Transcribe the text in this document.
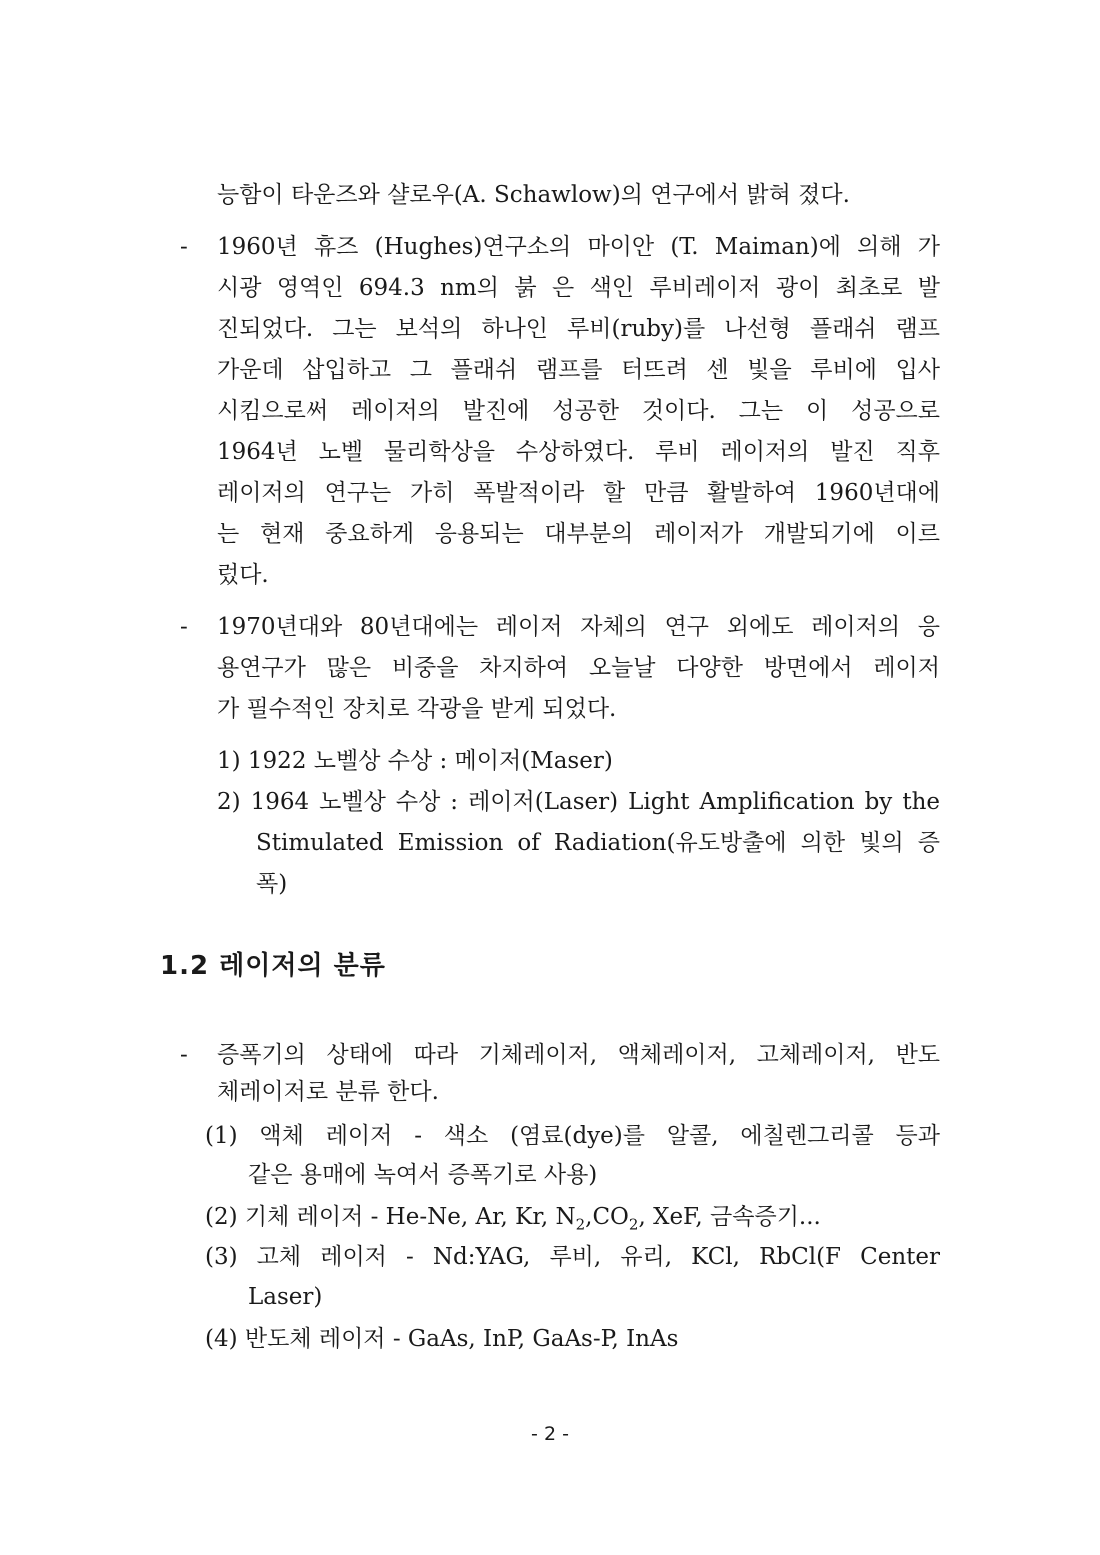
능함이 타운즈와 샬로우(A. Schawlow)의 연구에서 밝혀 졌다.
- 1960년 휴즈 (Hughes)연구소의 마이안 (T. Maiman)에 의해 가
시광 영역인 694.3 nm의 붉 은 색인 루비레이저 광이 최초로 발
진되었다. 그는 보석의 하나인 루비(ruby)를 나선형 플래쉬 램프
가운데 삽입하고 그 플래쉬 램프를 터뜨려 센 빛을 루비에 입사
시킴으로써 레이저의 발진에 성공한 것이다. 그는 이 성공으로
1964년 노벨 물리학상을 수상하였다. 루비 레이저의 발진 직후
레이저의 연구는 가히 폭발적이라 할 만큼 활발하여 1960년대에
는 현재 중요하게 응용되는 대부분의 레이저가 개발되기에 이르
렀다.
- 1970년대와 80년대에는 레이저 자체의 연구 외에도 레이저의 응
용연구가 많은 비중을 차지하여 오늘날 다양한 방면에서 레이저
가 필수적인 장치로 각광을 받게 되었다.
1) 1922 노벨상 수상 : 메이저(Maser)
2) 1964 노벨상 수상 : 레이저(Laser) Light Amplification by the
Stimulated Emission of Radiation(유도방출에 의한 빛의 증
폭)
1.2 레이저의 분류
- 증폭기의 상태에 따라 기체레이저, 액체레이저, 고체레이저, 반도
체레이저로 분류 한다.
(1) 액체 레이저 - 색소 (염료(dye)를 알콜, 에칠렌그리콜 등과
같은 용매에 녹여서 증폭기로 사용)
(2) 기체 레이저 - He-Ne, Ar, Kr, $N_2,CO_2$, XeF, 금속증기...
(3) 고체 레이저 - Nd:YAG, 루비, 유리, KCl, RbCl(F Center
Laser)
(4) 반도체 레이저 - GaAs, InP, GaAs-P, InAs
- 2 -
